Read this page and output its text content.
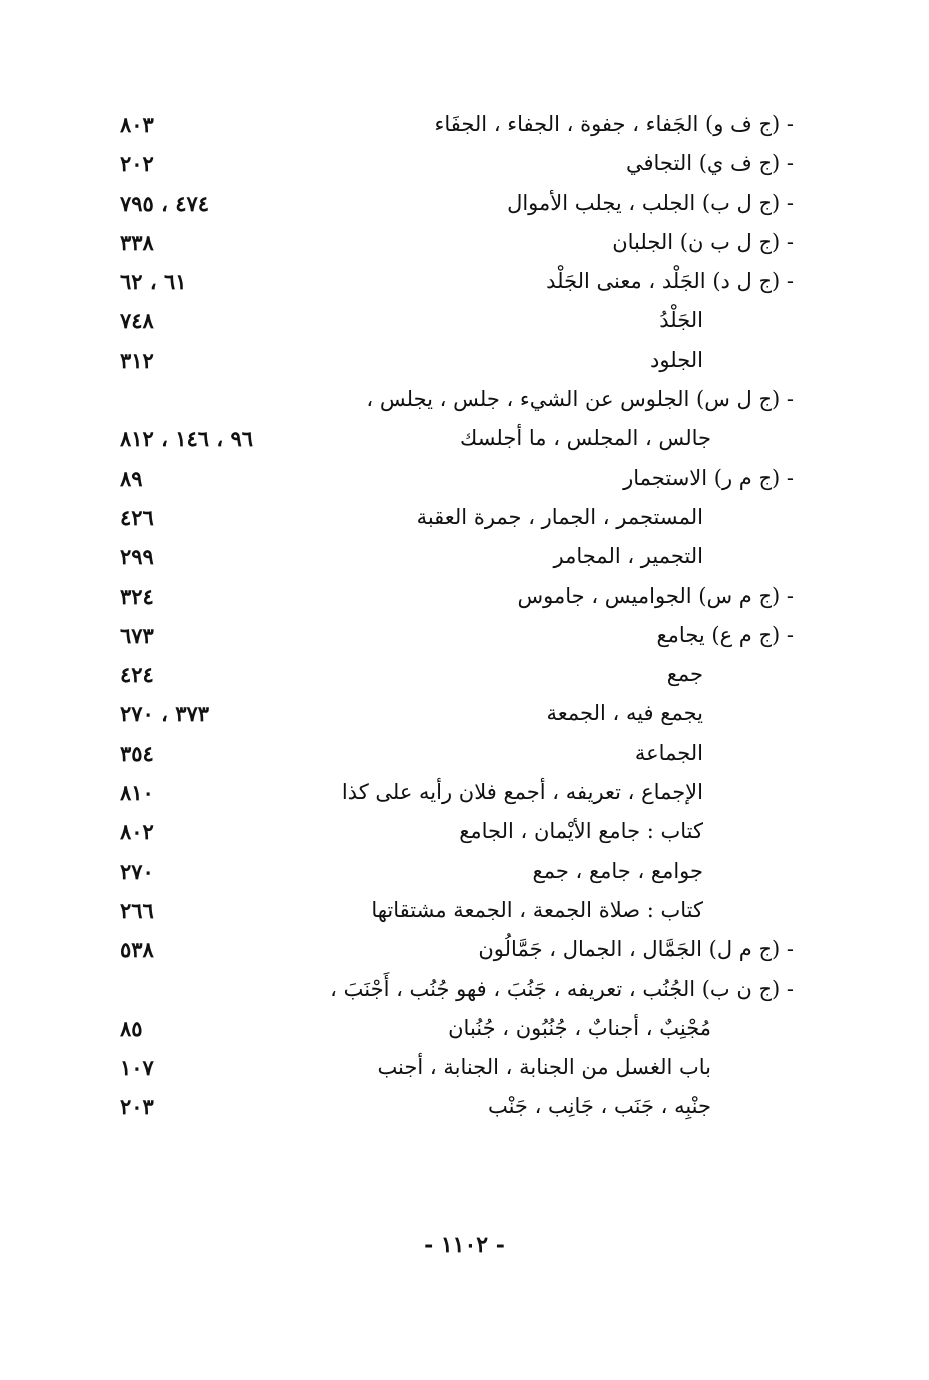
- (ج ف و) الجَفاء ، جفوة ، الجفاء ، الجفَاء
٨٠٣
- (ج ف ي) التجافي
٢٠٢
- (ج ل ب) الجلب ، يجلب الأموال
٤٧٤ ، ٧٩٥
- (ج ل ب ن) الجلبان
٣٣٨
- (ج ل د) الجَلْد ، معنى الجَلْد
٦١ ، ٦٢
الجَلْدُ
٧٤٨
الجلود
٣١٢
- (ج ل س) الجلوس عن الشيء ، جلس ، يجلس ،
جالس ، المجلس ، ما أجلسك
٩٦ ، ١٤٦ ، ٨١٢
- (ج م ر) الاستجمار
٨٩
المستجمر ، الجمار ، جمرة العقبة
٤٢٦
التجمير ، المجامر
٢٩٩
- (ج م س) الجواميس ، جاموس
٣٢٤
- (ج م ع) يجامع
٦٧٣
جمع
٤٢٤
يجمع فيه ، الجمعة
٣٧٣ ، ٢٧٠
الجماعة
٣٥٤
الإجماع ، تعريفه ، أجمع فلان رأيه على كذا
٨١٠
كتاب : جامع الأيْمان ، الجامع
٨٠٢
جوامع ، جامع ، جمع
٢٧٠
كتاب : صلاة الجمعة ، الجمعة مشتقاتها
٢٦٦
- (ج م ل) الجَمَّال ، الجمال ، جَمَّالُون
٥٣٨
- (ج ن ب) الجُنُب ، تعريفه ، جَنُبَ ، فهو جُنُب ، أَجْنَبَ ،
مُجْنِبٌ ، أجنابٌ ، جُنُبُون ، جُنُبان
٨٥
باب الغسل من الجنابة ، الجنابة ، أجنب
١٠٧
جنْبِه ، جَنَب ، جَانِب ، جَنْب
٢٠٣
- ١١٠٢ -
